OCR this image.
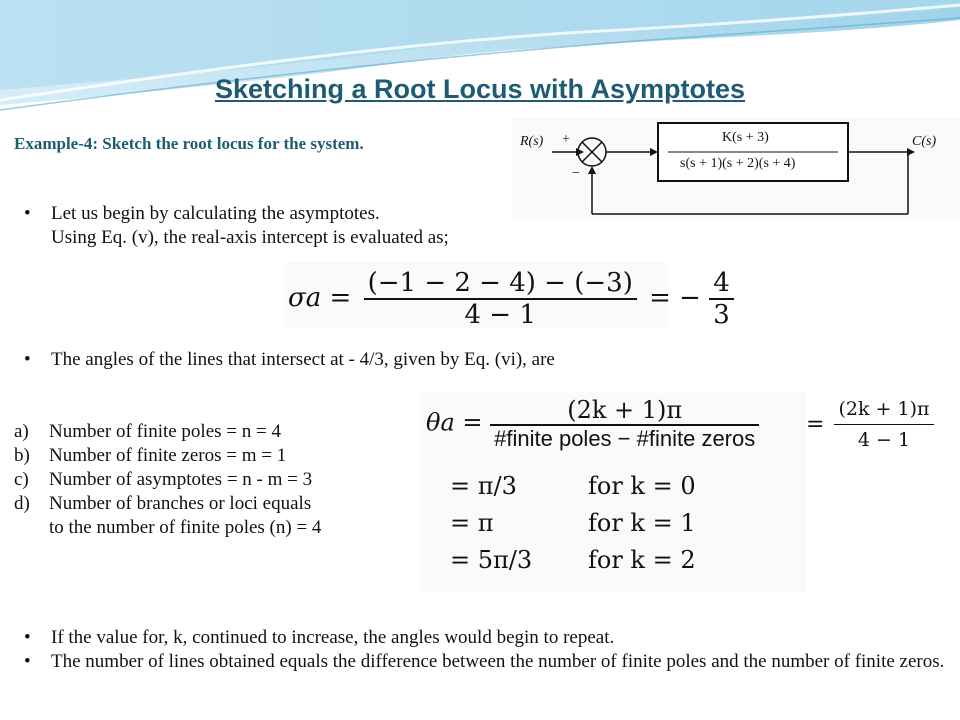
Sketching a Root Locus with Asymptotes
Example-4: Sketch the root locus for the system.	R(s) +
−
K(s + 3)
s(s + 1)(s + 2)(s + 4)
C(s)
• Let us begin by calculating the asymptotes.
Using Eq. (v), the real-axis intercept is evaluated as;
$\sigma a = \frac{(-1 - 2 - 4) - (-3)}{4 - 1}$ = − $\frac{4}{3}$
• The angles of the lines that intersect at - 4/3, given by Eq. (vi), are
a) Number of finite poles = n = 4
b) Number of finite zeros = m = 1
c) Number of asymptotes = n - m = 3
d) Number of branches or loci equals
to the number of finite poles (n) = 4
$\theta a = \frac{(2k + 1)\pi}{\text{\#finite poles − \#finite zeros}}$
= π/3	for k = 0
= π	for k = 1
= 5π/3 for k = 2
= $\frac{(2k + 1)\pi}{4 - 1}$
• If the value for, k, continued to increase, the angles would begin to repeat.
• The number of lines obtained equals the difference between the number of finite poles and the number of finite zeros.
